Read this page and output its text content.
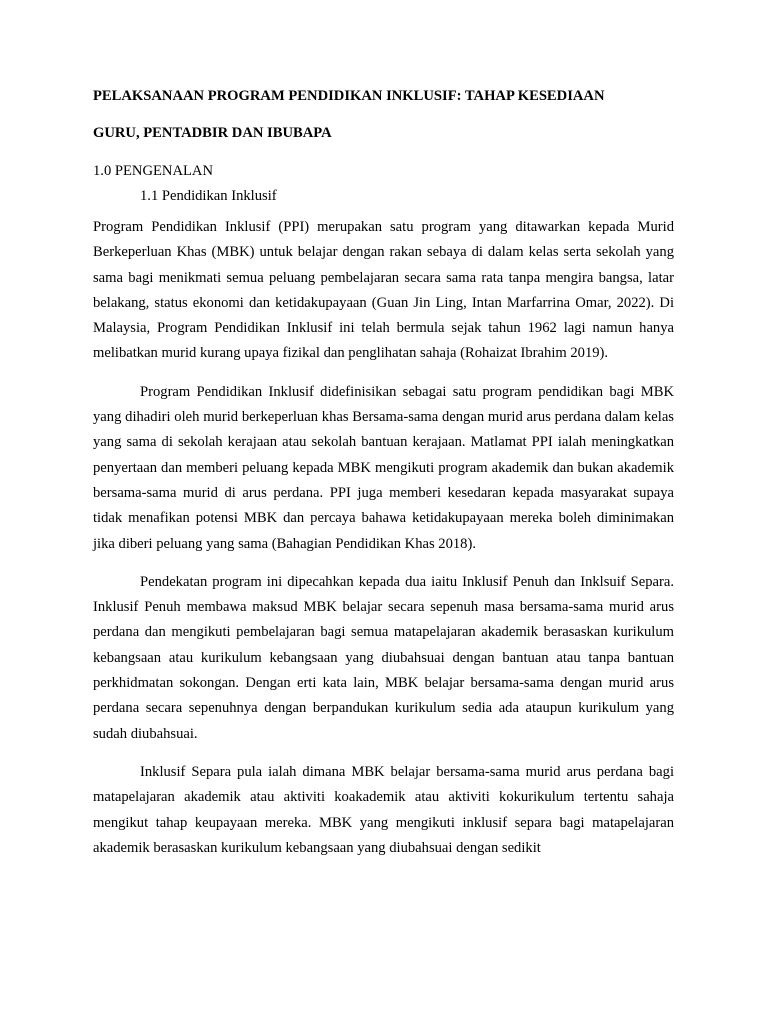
PELAKSANAAN PROGRAM PENDIDIKAN INKLUSIF: TAHAP KESEDIAAN

GURU, PENTADBIR DAN IBUBAPA

1.0 PENGENALAN

1.1 Pendidikan Inklusif

Program Pendidikan Inklusif (PPI) merupakan satu program yang ditawarkan kepada Murid Berkeperluan Khas (MBK) untuk belajar dengan rakan sebaya di dalam kelas serta sekolah yang sama bagi menikmati semua peluang pembelajaran secara sama rata tanpa mengira bangsa, latar belakang, status ekonomi dan ketidakupayaan (Guan Jin Ling, Intan Marfarrina Omar, 2022). Di Malaysia, Program Pendidikan Inklusif ini telah bermula sejak tahun 1962 lagi namun hanya melibatkan murid kurang upaya fizikal dan penglihatan sahaja (Rohaizat Ibrahim 2019).

Program Pendidikan Inklusif didefinisikan sebagai satu program pendidikan bagi MBK yang dihadiri oleh murid berkeperluan khas Bersama-sama dengan murid arus perdana dalam kelas yang sama di sekolah kerajaan atau sekolah bantuan kerajaan. Matlamat PPI ialah meningkatkan penyertaan dan memberi peluang kepada MBK mengikuti program akademik dan bukan akademik bersama-sama murid di arus perdana. PPI juga memberi kesedaran kepada masyarakat supaya tidak menafikan potensi MBK dan percaya bahawa ketidakupayaan mereka boleh diminimakan jika diberi peluang yang sama (Bahagian Pendidikan Khas 2018).

Pendekatan program ini dipecahkan kepada dua iaitu Inklusif Penuh dan Inklsuif Separa. Inklusif Penuh membawa maksud MBK belajar secara sepenuh masa bersama-sama murid arus perdana dan mengikuti pembelajaran bagi semua matapelajaran akademik berasaskan kurikulum kebangsaan atau kurikulum kebangsaan yang diubahsuai dengan bantuan atau tanpa bantuan perkhidmatan sokongan. Dengan erti kata lain, MBK belajar bersama-sama dengan murid arus perdana secara sepenuhnya dengan berpandukan kurikulum sedia ada ataupun kurikulum yang sudah diubahsuai.

Inklusif Separa pula ialah dimana MBK belajar bersama-sama murid arus perdana bagi matapelajaran akademik atau aktiviti koakademik atau aktiviti kokurikulum tertentu sahaja mengikut tahap keupayaan mereka. MBK yang mengikuti inklusif separa bagi matapelajaran akademik berasaskan kurikulum kebangsaan yang diubahsuai dengan sedikit
